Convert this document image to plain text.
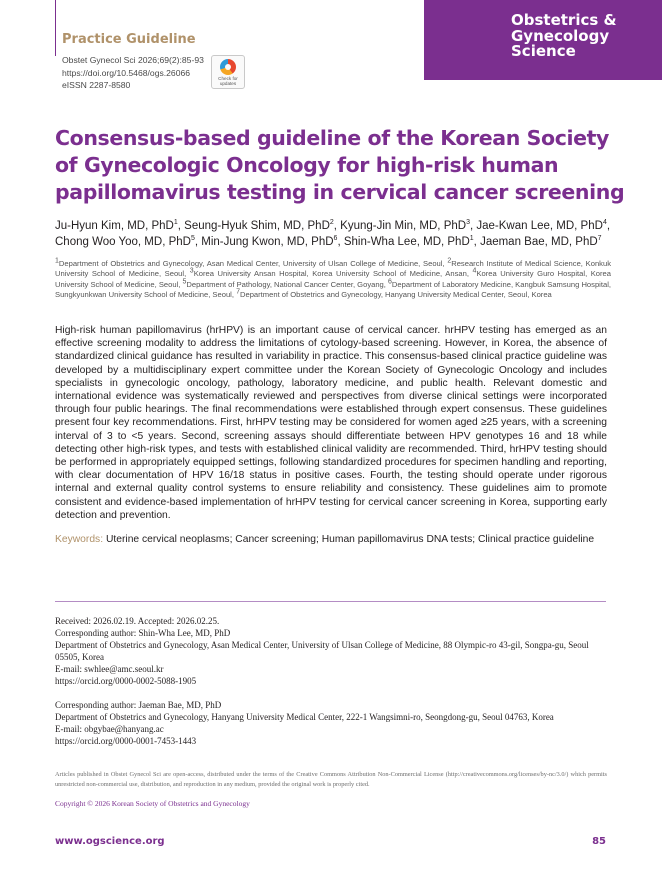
Practice Guideline
Obstet Gynecol Sci 2026;69(2):85-93
https://doi.org/10.5468/ogs.26066
eISSN 2287-8580
Check for updates
Obstetrics &
Gynecology
Science
Consensus-based guideline of the Korean Society
of Gynecologic Oncology for high-risk human
papillomavirus testing in cervical cancer screening
Ju-Hyun Kim, MD, PhD$^1$, Seung-Hyuk Shim, MD, PhD$^2$, Kyung-Jin Min, MD, PhD$^3$, Jae-Kwan Lee, MD, PhD$^4$,
Chong Woo Yoo, MD, PhD$^5$, Min-Jung Kwon, MD, PhD$^6$, Shin-Wha Lee, MD, PhD$^1$, Jaeman Bae, MD, PhD$^7$

$^1$Department of Obstetrics and Gynecology, Asan Medical Center, University of Ulsan College of Medicine, Seoul, $^2$Research Institute of Medical Science, Konkuk University School of Medicine, Seoul, $^3$Korea University Ansan Hospital, Korea University School of Medicine, Ansan, $^4$Korea University Guro Hospital, Korea University School of Medicine, Seoul, $^5$Department of Pathology, National Cancer Center, Goyang, $^6$Department of Laboratory Medicine, Kangbuk Samsung Hospital, Sungkyunkwan University School of Medicine, Seoul, $^7$Department of Obstetrics and Gynecology, Hanyang University Medical Center, Seoul, Korea

High-risk human papillomavirus (hrHPV) is an important cause of cervical cancer. hrHPV testing has emerged as an effective screening modality to address the limitations of cytology-based screening. However, in Korea, the absence of standardized clinical guidance has resulted in variability in practice. This consensus-based clinical practice guideline was developed by a multidisciplinary expert committee under the Korean Society of Gynecologic Oncology and includes specialists in gynecologic oncology, pathology, laboratory medicine, and public health. Relevant domestic and international evidence was systematically reviewed and perspectives from diverse clinical settings were incorporated through four public hearings. The final recommendations were established through expert consensus. These guidelines present four key recommendations. First, hrHPV testing may be considered for women aged ≥25 years, with a screening interval of 3 to <5 years. Second, screening assays should differentiate between HPV genotypes 16 and 18 while detecting other high-risk types, and tests with established clinical validity are recommended. Third, hrHPV testing should be performed in appropriately equipped settings, following standardized procedures for specimen handling and reporting, with clear documentation of HPV 16/18 status in positive cases. Fourth, the testing should operate under rigorous internal and external quality control systems to ensure reliability and consistency. These guidelines aim to promote consistent and evidence-based implementation of hrHPV testing for cervical cancer screening in Korea, supporting early detection and prevention.

Keywords: Uterine cervical neoplasms; Cancer screening; Human papillomavirus DNA tests; Clinical practice guideline
Received: 2026.02.19. Accepted: 2026.02.25.
Corresponding author: Shin-Wha Lee, MD, PhD
Department of Obstetrics and Gynecology, Asan Medical Center, University of Ulsan College of Medicine, 88 Olympic-ro 43-gil, Songpa-gu, Seoul 05505, Korea
E-mail: swhlee@amc.seoul.kr
https://orcid.org/0000-0002-5088-1905
Corresponding author: Jaeman Bae, MD, PhD
Department of Obstetrics and Gynecology, Hanyang University Medical Center, 222-1 Wangsimni-ro, Seongdong-gu, Seoul 04763, Korea
E-mail: obgybae@hanyang.ac
https://orcid.org/0000-0001-7453-1443

Articles published in Obstet Gynecol Sci are open-access, distributed under the terms of the Creative Commons Attribution Non-Commercial License (http://creativecommons.org/licenses/by-nc/3.0/) which permits unrestricted non-commercial use, distribution, and reproduction in any medium, provided the original work is properly cited.

Copyright © 2026 Korean Society of Obstetrics and Gynecology
www.ogscience.org	85
